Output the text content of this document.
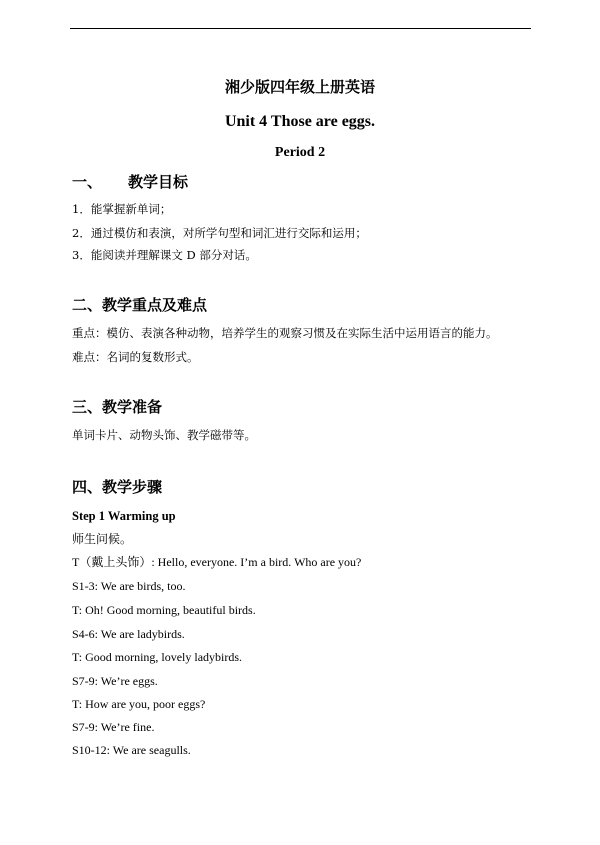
湘少版四年级上册英语
Unit 4 Those are eggs.
Period 2
一、 教学目标
1．能掌握新单词；
2．通过模仿和表演，对所学句型和词汇进行交际和运用；
3．能阅读并理解课文 D 部分对话。
二、教学重点及难点
重点：模仿、表演各种动物，培养学生的观察习惯及在实际生活中运用语言的能力。
难点：名词的复数形式。
三、教学准备
单词卡片、动物头饰、教学磁带等。
四、教学步骤
Step 1 Warming up
师生问候。
T（戴上头饰）: Hello, everyone. I’m a bird. Who are you?
S1-3: We are birds, too.
T: Oh! Good morning, beautiful birds.
S4-6: We are ladybirds.
T: Good morning, lovely ladybirds.
S7-9: We’re eggs.
T: How are you, poor eggs?
S7-9: We’re fine.
S10-12: We are seagulls.
